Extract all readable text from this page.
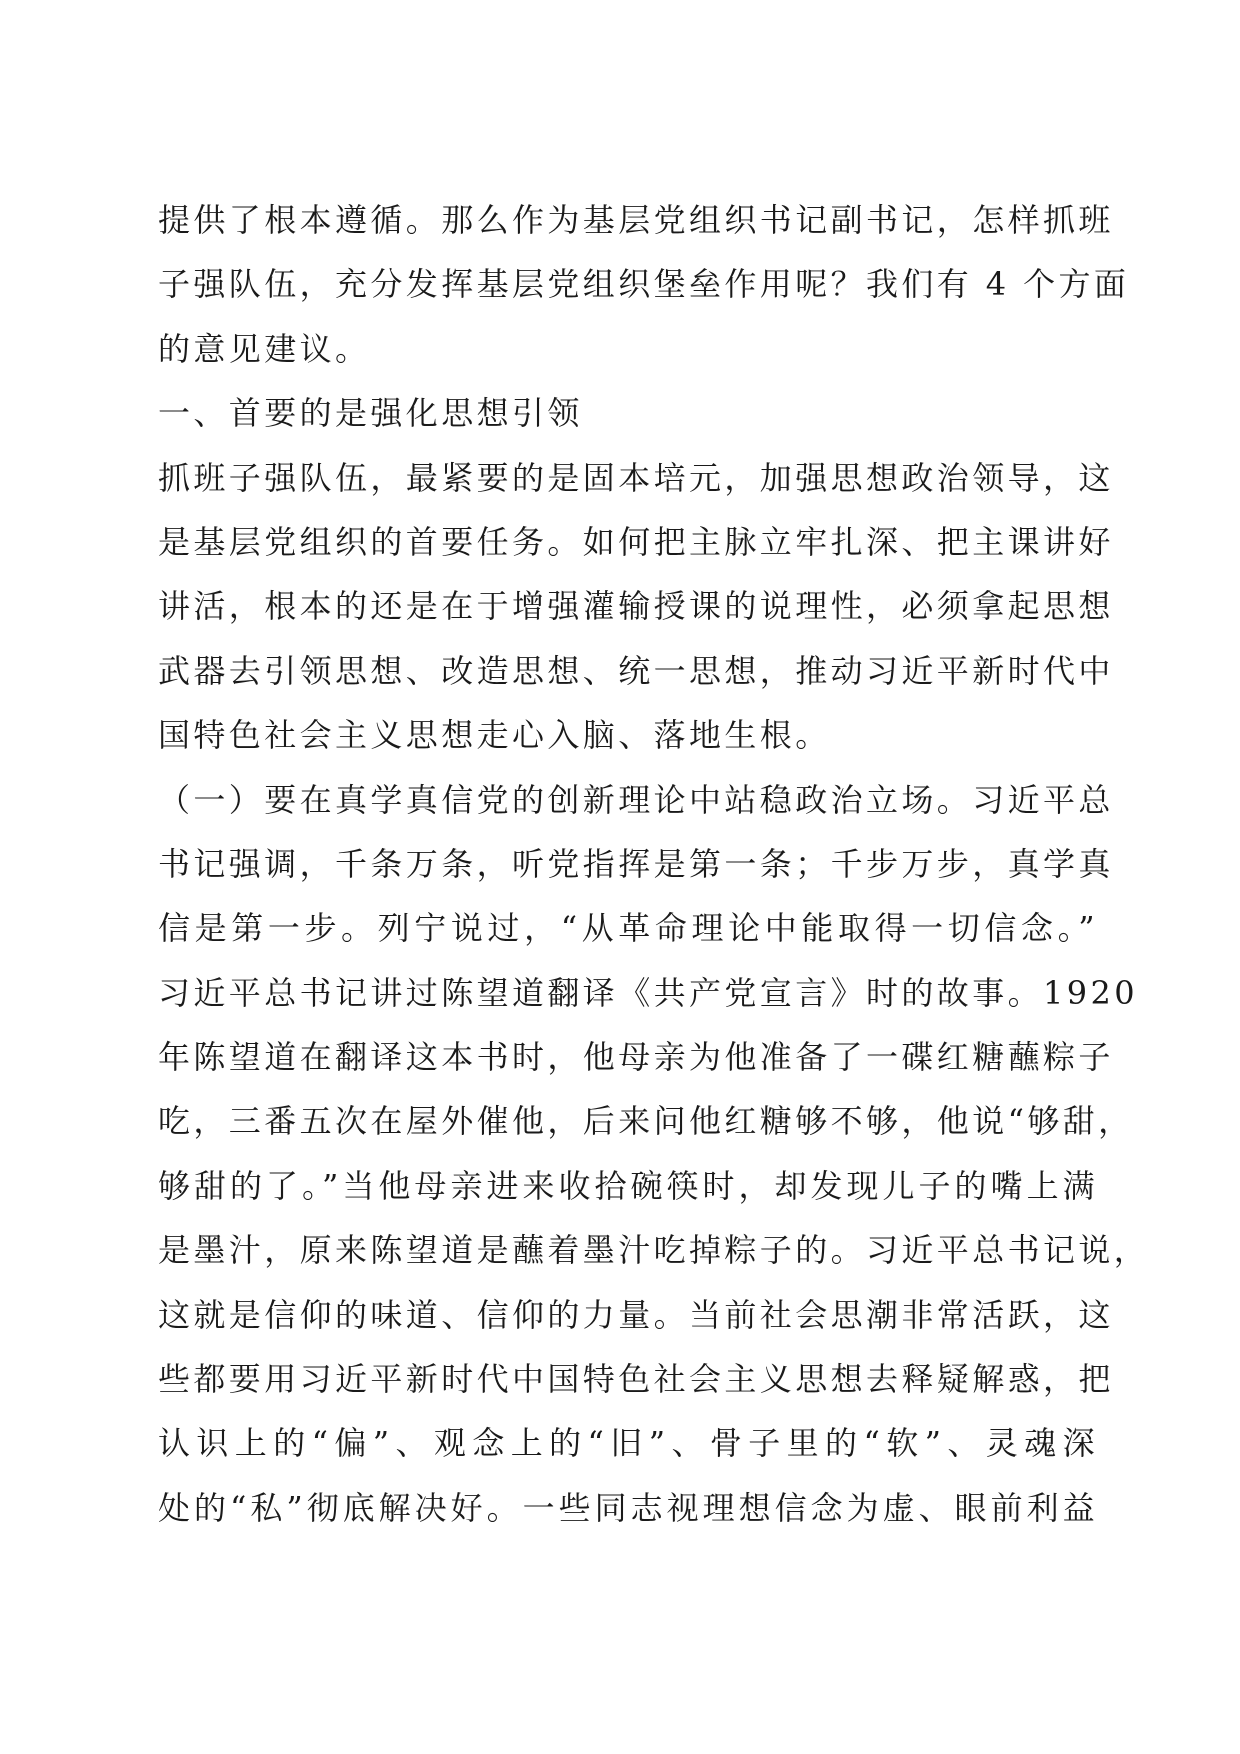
提供了根本遵循。那么作为基层党组织书记副书记，怎样抓班
子强队伍，充分发挥基层党组织堡垒作用呢？我们有 4 个方面
的意见建议。
一、首要的是强化思想引领
抓班子强队伍，最紧要的是固本培元，加强思想政治领导，这
是基层党组织的首要任务。如何把主脉立牢扎深、把主课讲好
讲活，根本的还是在于增强灌输授课的说理性，必须拿起思想
武器去引领思想、改造思想、统一思想，推动习近平新时代中
国特色社会主义思想走心入脑、落地生根。
（一）要在真学真信党的创新理论中站稳政治立场。习近平总
书记强调，千条万条，听党指挥是第一条；千步万步，真学真
信是第一步。列宁说过，“从革命理论中能取得一切信念。”
习近平总书记讲过陈望道翻译《共产党宣言》时的故事。1920
年陈望道在翻译这本书时，他母亲为他准备了一碟红糖蘸粽子
吃，三番五次在屋外催他，后来问他红糖够不够，他说“够甜，
够甜的了。”当他母亲进来收拾碗筷时，却发现儿子的嘴上满
是墨汁，原来陈望道是蘸着墨汁吃掉粽子的。习近平总书记说，
这就是信仰的味道、信仰的力量。当前社会思潮非常活跃，这
些都要用习近平新时代中国特色社会主义思想去释疑解惑，把
认识上的“偏”、观念上的“旧”、骨子里的“软”、灵魂深
处的“私”彻底解决好。一些同志视理想信念为虚、眼前利益
